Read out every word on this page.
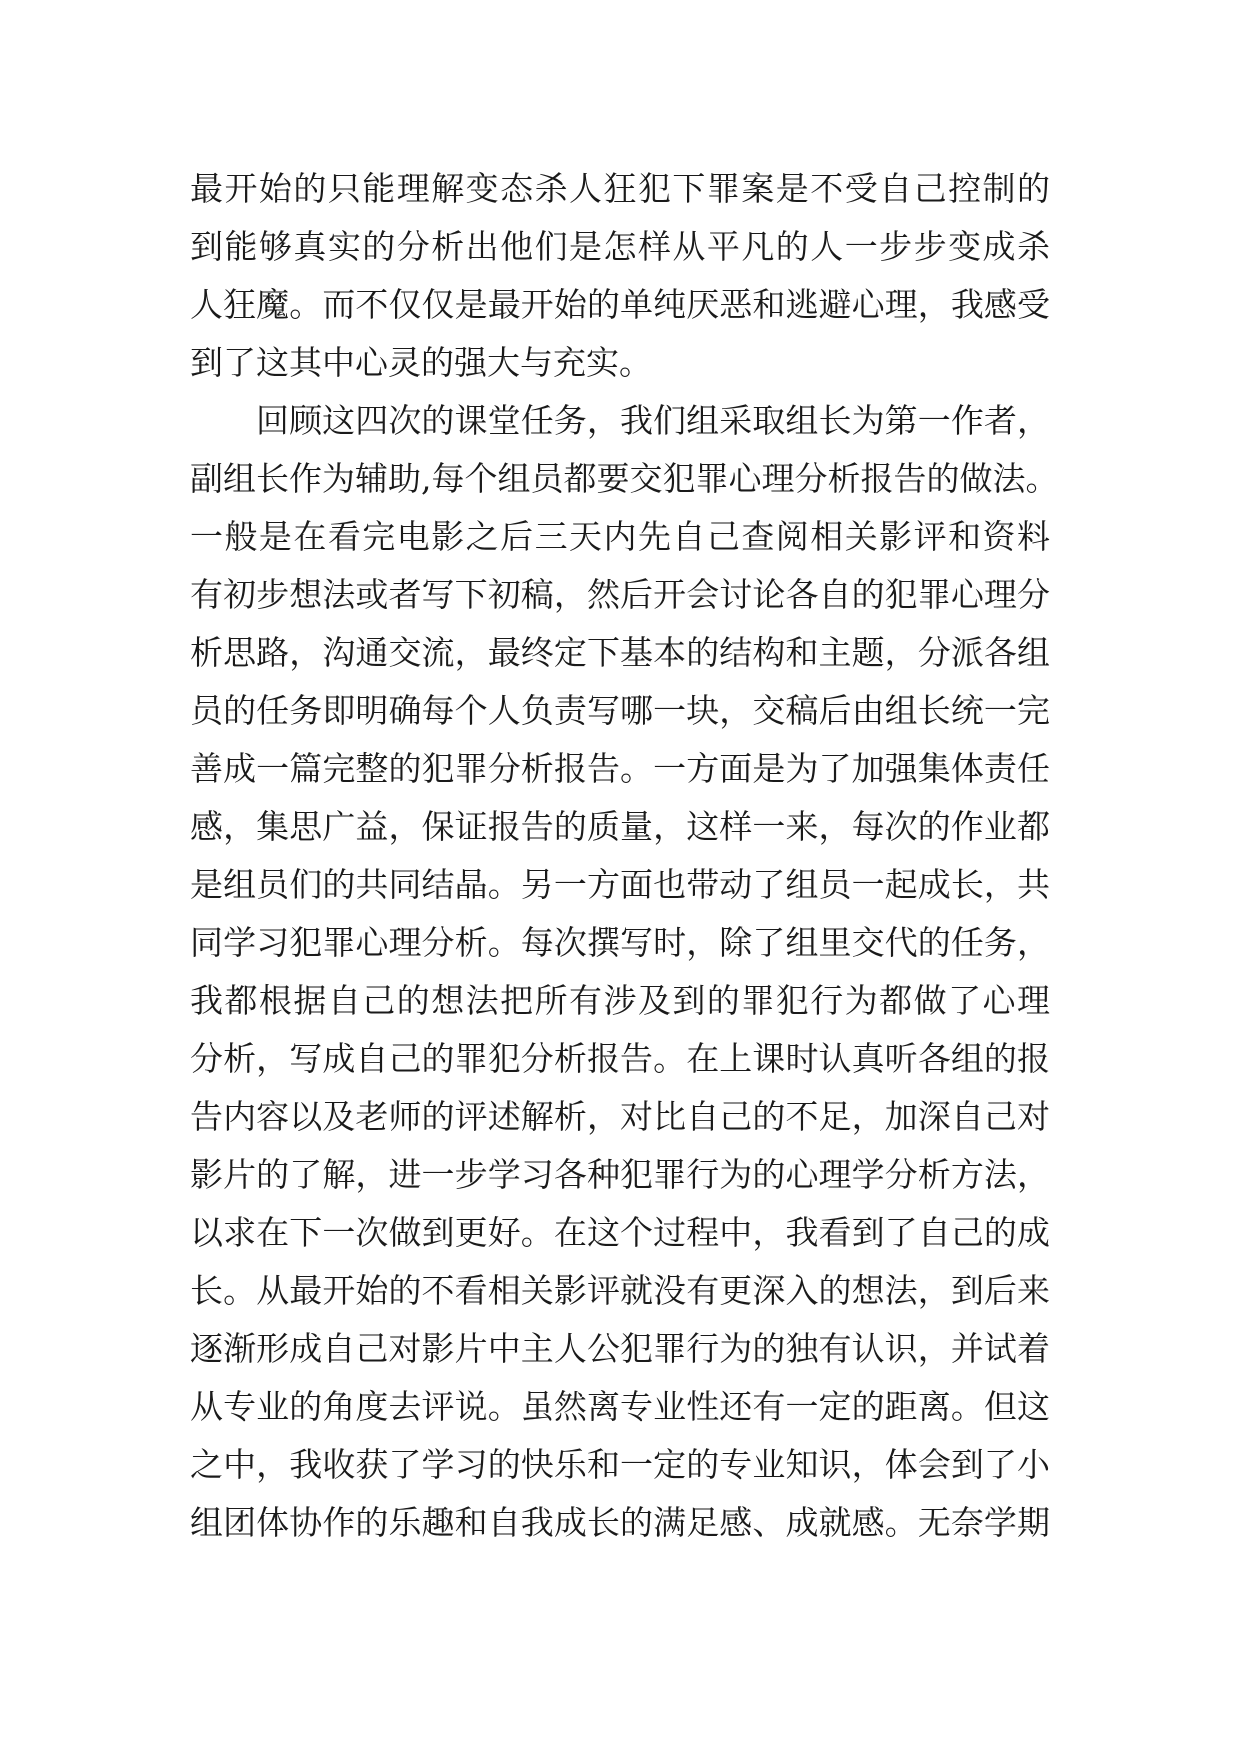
最开始的只能理解变态杀人狂犯下罪案是不受自己控制的
到能够真实的分析出他们是怎样从平凡的人一步步变成杀
人狂魔。而不仅仅是最开始的单纯厌恶和逃避心理，我感受
到了这其中心灵的强大与充实。
回顾这四次的课堂任务，我们组采取组长为第一作者，
副组长作为辅助,每个组员都要交犯罪心理分析报告的做法。
一般是在看完电影之后三天内先自己查阅相关影评和资料
有初步想法或者写下初稿，然后开会讨论各自的犯罪心理分
析思路，沟通交流，最终定下基本的结构和主题，分派各组
员的任务即明确每个人负责写哪一块，交稿后由组长统一完
善成一篇完整的犯罪分析报告。一方面是为了加强集体责任
感，集思广益，保证报告的质量，这样一来，每次的作业都
是组员们的共同结晶。另一方面也带动了组员一起成长，共
同学习犯罪心理分析。每次撰写时，除了组里交代的任务，
我都根据自己的想法把所有涉及到的罪犯行为都做了心理
分析，写成自己的罪犯分析报告。在上课时认真听各组的报
告内容以及老师的评述解析，对比自己的不足，加深自己对
影片的了解，进一步学习各种犯罪行为的心理学分析方法，
以求在下一次做到更好。在这个过程中，我看到了自己的成
长。从最开始的不看相关影评就没有更深入的想法，到后来
逐渐形成自己对影片中主人公犯罪行为的独有认识，并试着
从专业的角度去评说。虽然离专业性还有一定的距离。但这
之中，我收获了学习的快乐和一定的专业知识，体会到了小
组团体协作的乐趣和自我成长的满足感、成就感。无奈学期
